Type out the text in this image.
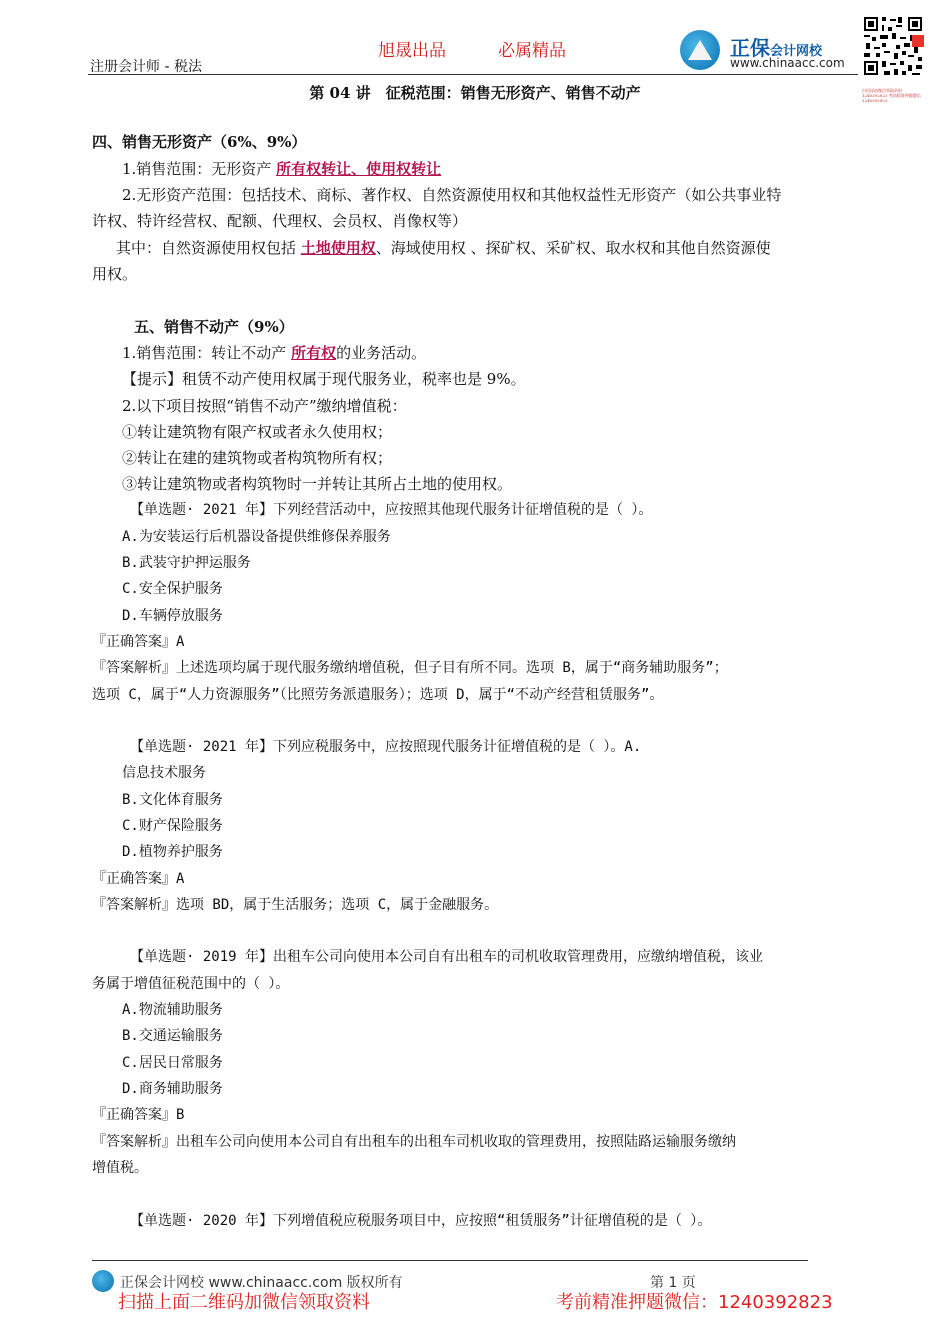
注册会计师 - 税法
旭晟出品	必属精品	正保会计网校
www.chinaacc.com
扫码添加微信领取资料 1240392823 考前精准押题微信 1240392823
第 04 讲　征税范围：销售无形资产、销售不动产
四、销售无形资产（6%、9%）
1.销售范围：无形资产 所有权转让、使用权转让
2.无形资产范围：包括技术、商标、著作权、自然资源使用权和其他权益性无形资产（如公共事业特
许权、特许经营权、配额、代理权、会员权、肖像权等）
其中：自然资源使用权包括 土地使用权、海域使用权 、探矿权、采矿权、取水权和其他自然资源使
用权。
五、销售不动产（9%）
1.销售范围：转让不动产 所有权的业务活动。
【提示】租赁不动产使用权属于现代服务业，税率也是 9%。
2.以下项目按照“销售不动产”缴纳增值税：
①转让建筑物有限产权或者永久使用权；
②转让在建的建筑物或者构筑物所有权；
③转让建筑物或者构筑物时一并转让其所占土地的使用权。
【单选题· 2021 年】下列经营活动中，应按照其他现代服务计征增值税的是（ ）。
A.为安装运行后机器设备提供维修保养服务
B.武装守护押运服务
C.安全保护服务
D.车辆停放服务
『正确答案』A
『答案解析』上述选项均属于现代服务缴纳增值税，但子目有所不同。选项 B，属于“商务辅助服务”；
选项 C，属于“人力资源服务”（比照劳务派遣服务）；选项 D，属于“不动产经营租赁服务”。
【单选题· 2021 年】下列应税服务中，应按照现代服务计征增值税的是（ ）。A.
信息技术服务
B.文化体育服务
C.财产保险服务
D.植物养护服务
『正确答案』A
『答案解析』选项 BD，属于生活服务；选项 C，属于金融服务。
【单选题· 2019 年】出租车公司向使用本公司自有出租车的司机收取管理费用，应缴纳增值税，该业
务属于增值征税范围中的（ ）。
A.物流辅助服务
B.交通运输服务
C.居民日常服务
D.商务辅助服务
『正确答案』B
『答案解析』出租车公司向使用本公司自有出租车的出租车司机收取的管理费用，按照陆路运输服务缴纳
增值税。
【单选题· 2020 年】下列增值税应税服务项目中，应按照“租赁服务”计征增值税的是（ ）。
正保会计网校 www.chinaacc.com 版权所有	第 1 页
扫描上面二维码加微信领取资料	考前精准押题微信：1240392823
